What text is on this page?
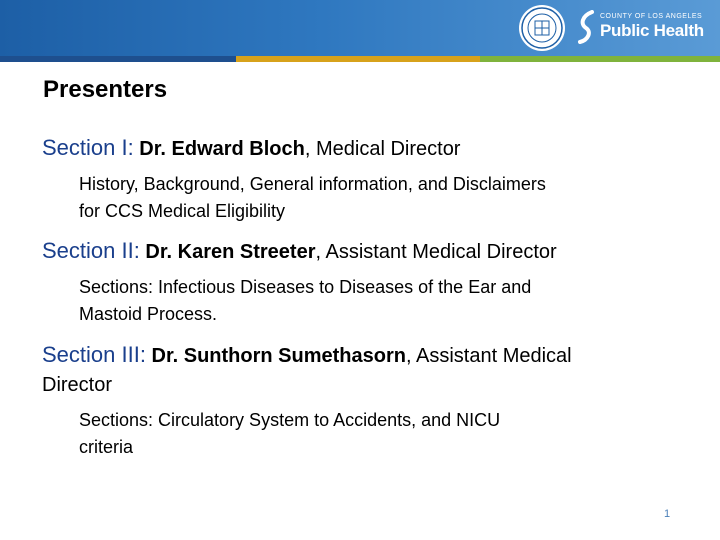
COUNTY OF LOS ANGELES
Public Health
Presenters
Section I: Dr. Edward Bloch, Medical Director
History, Background, General information, and Disclaimers
for CCS Medical Eligibility
Section II: Dr. Karen Streeter, Assistant Medical Director
Sections: Infectious Diseases to Diseases of the Ear and
Mastoid Process.
Section III: Dr. Sunthorn Sumethasorn, Assistant Medical
Director
Sections: Circulatory System to Accidents, and NICU
criteria
1
